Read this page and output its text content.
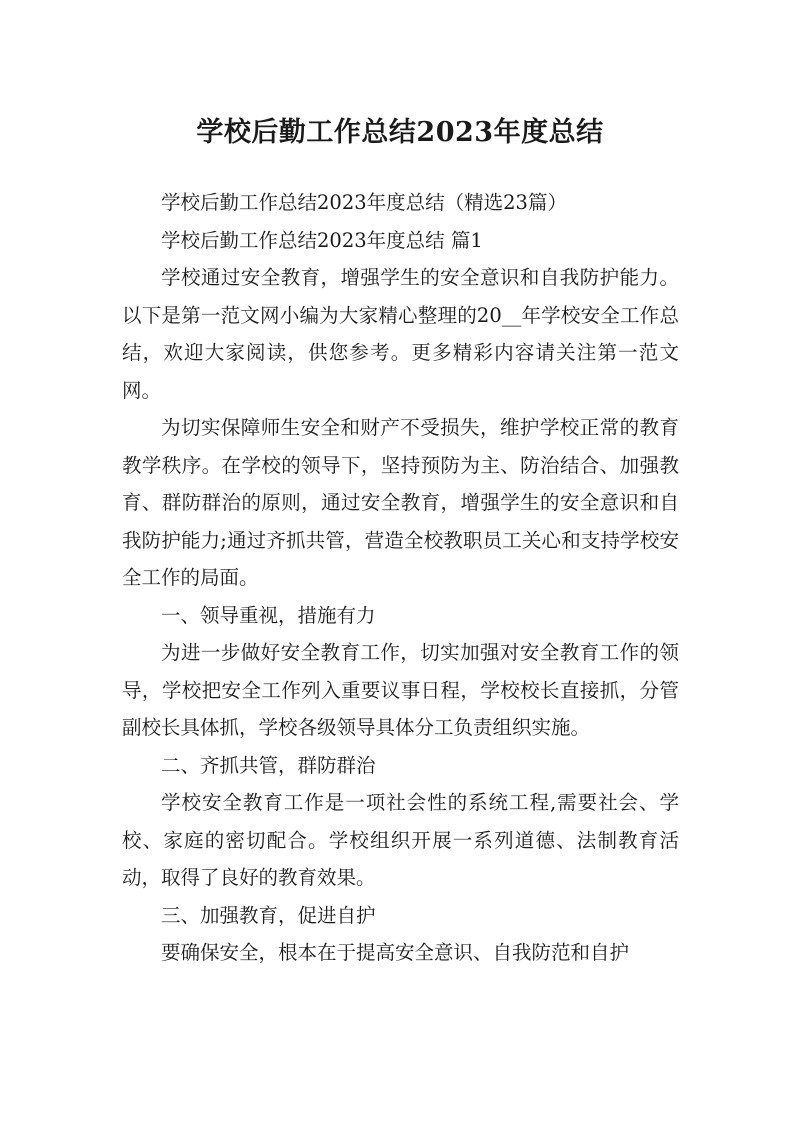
学校后勤工作总结2023年度总结

学校后勤工作总结2023年度总结（精选23篇）

学校后勤工作总结2023年度总结 篇1

学校通过安全教育，增强学生的安全意识和自我防护能力。以下是第一范文网小编为大家精心整理的20__年学校安全工作总结，欢迎大家阅读，供您参考。更多精彩内容请关注第一范文网。

为切实保障师生安全和财产不受损失，维护学校正常的教育教学秩序。在学校的领导下，坚持预防为主、防治结合、加强教育、群防群治的原则，通过安全教育，增强学生的安全意识和自我防护能力;通过齐抓共管，营造全校教职员工关心和支持学校安全工作的局面。

一、领导重视，措施有力

为进一步做好安全教育工作，切实加强对安全教育工作的领导，学校把安全工作列入重要议事日程，学校校长直接抓，分管副校长具体抓，学校各级领导具体分工负责组织实施。

二、齐抓共管，群防群治

学校安全教育工作是一项社会性的系统工程,需要社会、学校、家庭的密切配合。学校组织开展一系列道德、法制教育活动，取得了良好的教育效果。

三、加强教育，促进自护

要确保安全，根本在于提高安全意识、自我防范和自护
